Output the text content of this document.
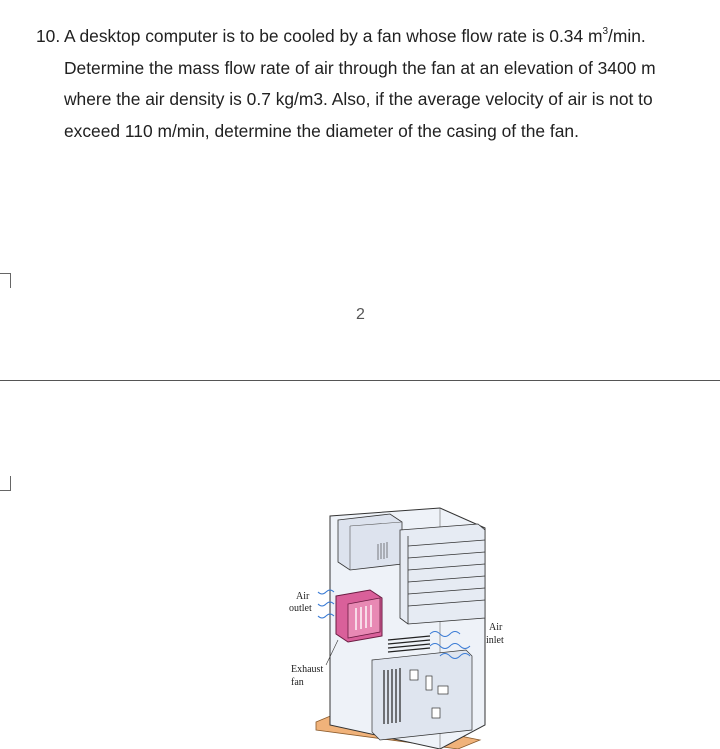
10. A desktop computer is to be cooled by a fan whose flow rate is 0.34 $m^3/\min$. Determine the mass flow rate of air through the fan at an elevation of 3400 m where the air density is 0.7 kg/m3. Also, if the average velocity of air is not to exceed 110 m/min, determine the diameter of the casing of the fan.
2
Air
outlet
Air
inlet
Exhaust
fan
